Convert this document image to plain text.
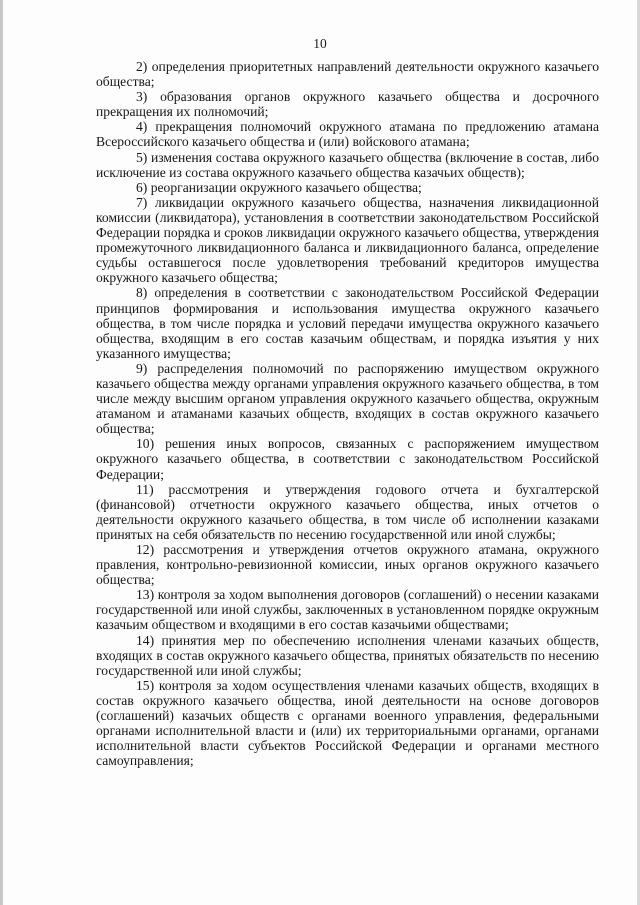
10

2) определения приоритетных направлений деятельности окружного казачьего общества;

3) образования органов окружного казачьего общества и досрочного прекращения их полномочий;

4) прекращения полномочий окружного атамана по предложению атамана Всероссийского казачьего общества и (или) войскового атамана;

5) изменения состава окружного казачьего общества (включение в состав, либо исключение из состава окружного казачьего общества казачьих обществ);

6) реорганизации окружного казачьего общества;

7) ликвидации окружного казачьего общества, назначения ликвидационной комиссии (ликвидатора), установления в соответствии законодательством Российской Федерации порядка и сроков ликвидации окружного казачьего общества, утверждения промежуточного ликвидационного баланса и ликвидационного баланса, определение судьбы оставшегося после удовлетворения требований кредиторов имущества окружного казачьего общества;

8) определения в соответствии с законодательством Российской Федерации принципов формирования и использования имущества окружного казачьего общества, в том числе порядка и условий передачи имущества окружного казачьего общества, входящим в его состав казачьим обществам, и порядка изъятия у них указанного имущества;

9) распределения полномочий по распоряжению имуществом окружного казачьего общества между органами управления окружного казачьего общества, в том числе между высшим органом управления окружного казачьего общества, окружным атаманом и атаманами казачьих обществ, входящих в состав окружного казачьего общества;

10) решения иных вопросов, связанных с распоряжением имуществом окружного казачьего общества, в соответствии с законодательством Российской Федерации;

11) рассмотрения и утверждения годового отчета и бухгалтерской (финансовой) отчетности окружного казачьего общества, иных отчетов о деятельности окружного казачьего общества, в том числе об исполнении казаками принятых на себя обязательств по несению государственной или иной службы;

12) рассмотрения и утверждения отчетов окружного атамана, окружного правления, контрольно-ревизионной комиссии, иных органов окружного казачьего общества;

13) контроля за ходом выполнения договоров (соглашений) о несении казаками государственной или иной службы, заключенных в установленном порядке окружным казачьим обществом и входящими в его состав казачьими обществами;

14) принятия мер по обеспечению исполнения членами казачьих обществ, входящих в состав окружного казачьего общества, принятых обязательств по несению государственной или иной службы;

15) контроля за ходом осуществления членами казачьих обществ, входящих в состав окружного казачьего общества, иной деятельности на основе договоров (соглашений) казачьих обществ с органами военного управления, федеральными органами исполнительной власти и (или) их территориальными органами, органами исполнительной власти субъектов Российской Федерации и органами местного самоуправления;
